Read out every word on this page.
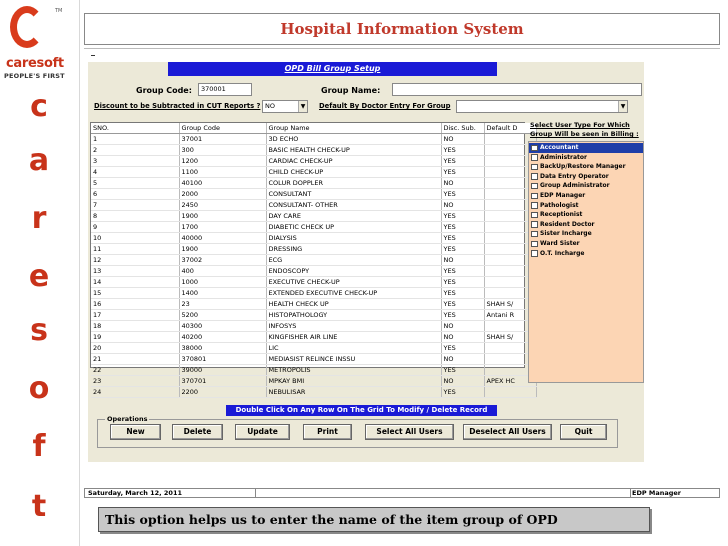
TM
caresoft
PEOPLE'S FIRST
c
a
r
e
s
o
f
t
Hospital Information System
OPD Bill Group Setup
Group Code:	370001	Group Name:
Discount to be Subtracted in CUT Reports ? NO	▼ Default By Doctor Entry For Group	▼
SNO.	Group Code	Group Name	Disc. Sub.	Default D
1	37001	3D ECHO	NO	
2	300	BASIC HEALTH CHECK-UP	YES	
3	1200	CARDIAC CHECK-UP	YES	
4	1100	CHILD CHECK-UP	YES	
5	40100	COLUR DOPPLER	NO	
6	2000	CONSULTANT	YES	
7	2450	CONSULTANT- OTHER	NO	
8	1900	DAY CARE	YES	
9	1700	DIABETIC CHECK UP	YES	
10	40000	DIALYSIS	YES	
11	1900	DRESSING	YES	
12	37002	ECG	NO	
13	400	ENDOSCOPY	YES	
14	1000	EXECUTIVE CHECK-UP	YES	
15	1400	EXTENDED EXECUTIVE CHECK-UP	YES	
16	23	HEALTH CHECK UP	YES	SHAH S/
17	5200	HISTOPATHOLOGY	YES	Antani R
18	40300	INFOSYS	NO	
19	40200	KINGFISHER AIR LINE	NO	SHAH S/
20	38000	LIC	YES	
21	370801	MEDIASIST RELINCE INSSU	NO	
22	39000	METROPOLIS	YES	
23	370701	MPKAY BMI	NO	APEX HC
24	2200	NEBULISAR	YES	
Select User Type For Which
Group Will be seen in Billing :
Accountant
Administrator
BackUp/Restore Manager
Data Entry Operator
Group Administrator
EDP Manager
Pathologist
Receptionist
Resident Doctor
Sister Incharge
Ward Sister
O.T. Incharge
Double Click On Any Row On The Grid To Modify / Delete Record
Operations
New	Delete	Update	Print	Select All Users	Deselect All Users	Quit
Saturday, March 12, 2011	EDP Manager
This option helps us to enter the name of the item group of OPD
